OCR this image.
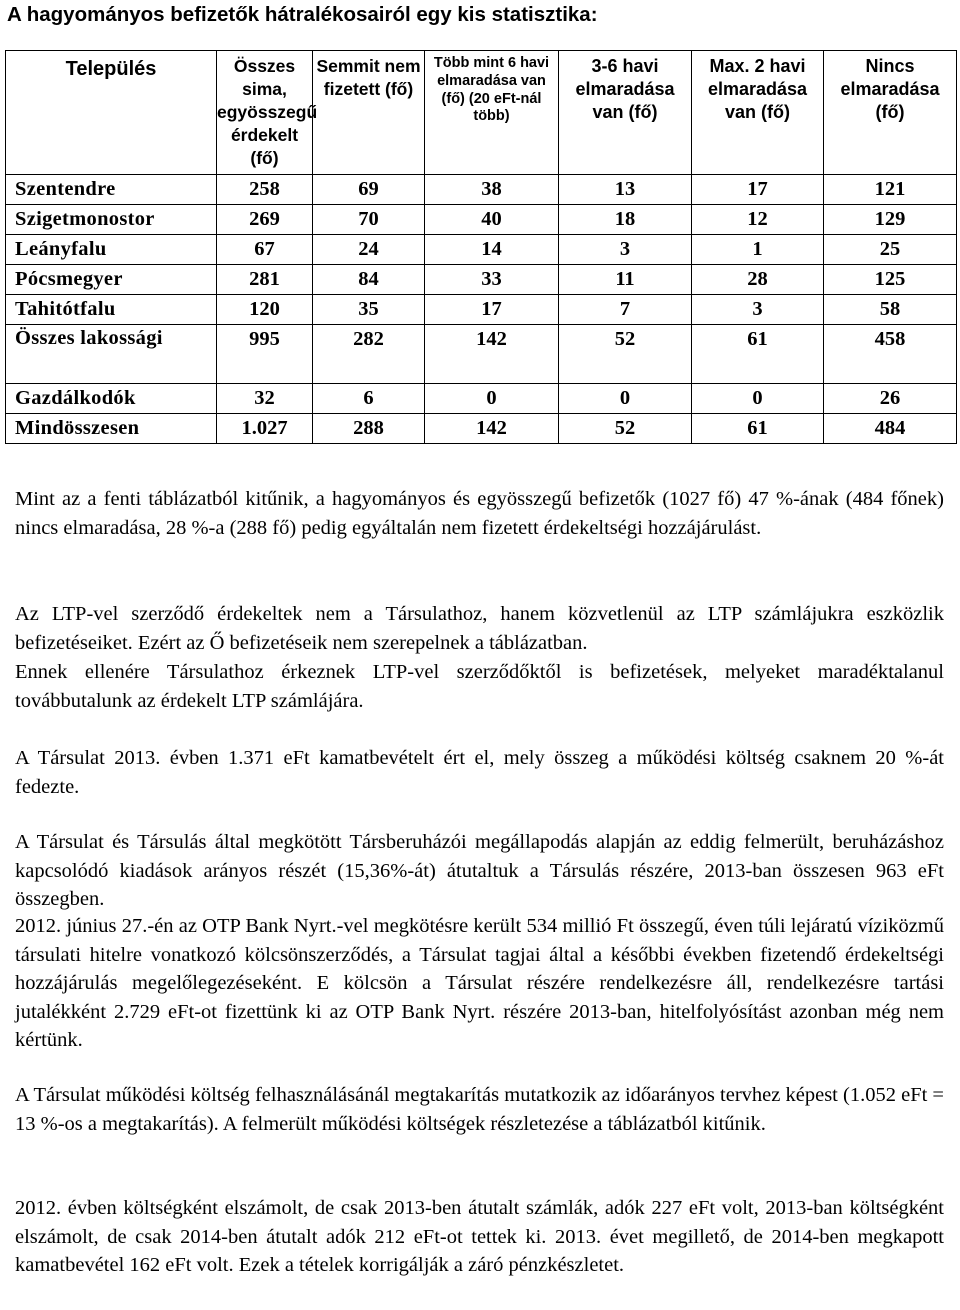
A hagyományos befizetők hátralékosairól egy kis statisztika:
Település	Összes sima, egyösszegű érdekelt (fő)	Semmit nem fizetett (fő)	Több mint 6 havi elmaradása van (fő) (20 eFt-nál több)	3-6 havi elmaradása van (fő)	Max. 2 havi elmaradása van (fő)	Nincs elmaradása (fő)
Szentendre	258	69	38	13	17	121
Szigetmonostor	269	70	40	18	12	129
Leányfalu	67	24	14	3	1	25
Pócsmegyer	281	84	33	11	28	125
Tahitótfalu	120	35	17	7	3	58
Összes lakossági	995	282	142	52	61	458
Gazdálkodók	32	6	0	0	0	26
Mindösszesen	1.027	288	142	52	61	484

Mint az a fenti táblázatból kitűnik, a hagyományos és egyösszegű befizetők (1027 fő) 47 %-ának (484 főnek) nincs elmaradása, 28 %-a (288 fő) pedig egyáltalán nem fizetett érdekeltségi hozzájárulást.

Az LTP-vel szerződő érdekeltek nem a Társulathoz, hanem közvetlenül az LTP számlájukra eszközlik befizetéseiket. Ezért az Ő befizetéseik nem szerepelnek a táblázatban.

Ennek ellenére Társulathoz érkeznek LTP-vel szerződőktől is befizetések, melyeket maradéktalanul továbbutalunk az érdekelt LTP számlájára.

A Társulat 2013. évben 1.371 eFt kamatbevételt ért el, mely összeg a működési költség csaknem 20 %-át fedezte.

A Társulat és Társulás által megkötött Társberuházói megállapodás alapján az eddig felmerült, beruházáshoz kapcsolódó kiadások arányos részét (15,36%-át) átutaltuk a Társulás részére, 2013-ban összesen 963 eFt összegben.

2012. június 27.-én az OTP Bank Nyrt.-vel megkötésre került 534 millió Ft összegű, éven túli lejáratú víziközmű társulati hitelre vonatkozó kölcsönszerződés, a Társulat tagjai által a későbbi években fizetendő érdekeltségi hozzájárulás megelőlegezéseként. E kölcsön a Társulat részére rendelkezésre áll, rendelkezésre tartási jutalékként 2.729 eFt-ot fizettünk ki az OTP Bank Nyrt. részére 2013-ban, hitelfolyósítást azonban még nem kértünk.

A Társulat működési költség felhasználásánál megtakarítás mutatkozik az időarányos tervhez képest (1.052 eFt = 13 %-os a megtakarítás). A felmerült működési költségek részletezése a táblázatból kitűnik.

2012. évben költségként elszámolt, de csak 2013-ben átutalt számlák, adók 227 eFt volt, 2013-ban költségként elszámolt, de csak 2014-ben átutalt adók 212 eFt-ot tettek ki. 2013. évet megillető, de 2014-ben megkapott kamatbevétel 162 eFt volt. Ezek a tételek korrigálják a záró pénzkészletet.
